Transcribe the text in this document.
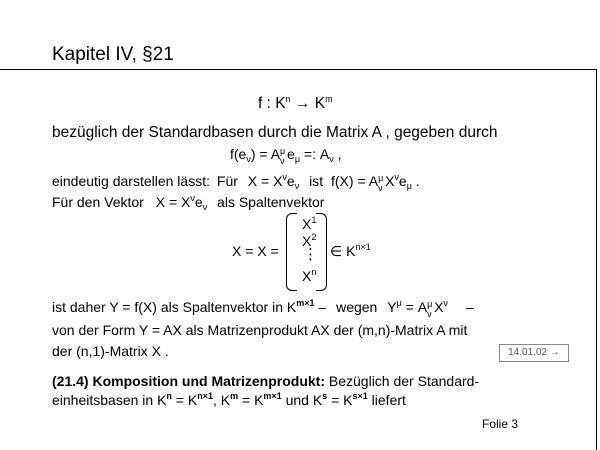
Kapitel IV, §21
f : $K^n \to K^m$
bezüglich der Standardbasen durch die Matrix A , gegeben durch
$f(e_\nu) = A$ μ
ν $e_\mu$ =: $A_\nu$ ,
eindeutig darstellen lässt: Für $X = X^\nu e_\nu$ ist f(X) = A μ
ν $X^\nu e_\mu$ .
Für den Vektor $X = X^\nu e_\nu$ als Spaltenvektor
X = X =
$X^1$
$X^2$
⋮
$X^n$
∈ $K^{n\times 1}$
ist daher Y = f(X) als Spaltenvektor in $K^{m\times 1}$ – wegen $Y^\mu = A$ μ
ν $X^\nu$ –
von der Form Y = AX als Matrizenprodukt AX der (m,n)-Matrix A mit
der (n,1)-Matrix X .	14.01.02 →
(21.4) Komposition und Matrizenprodukt: Bezüglich der Standard-
einheitsbasen in $K^n = K^{n\times 1}$, $K^m = K^{m\times 1}$ und $K^s = K^{s\times 1}$ liefert
Folie 3
